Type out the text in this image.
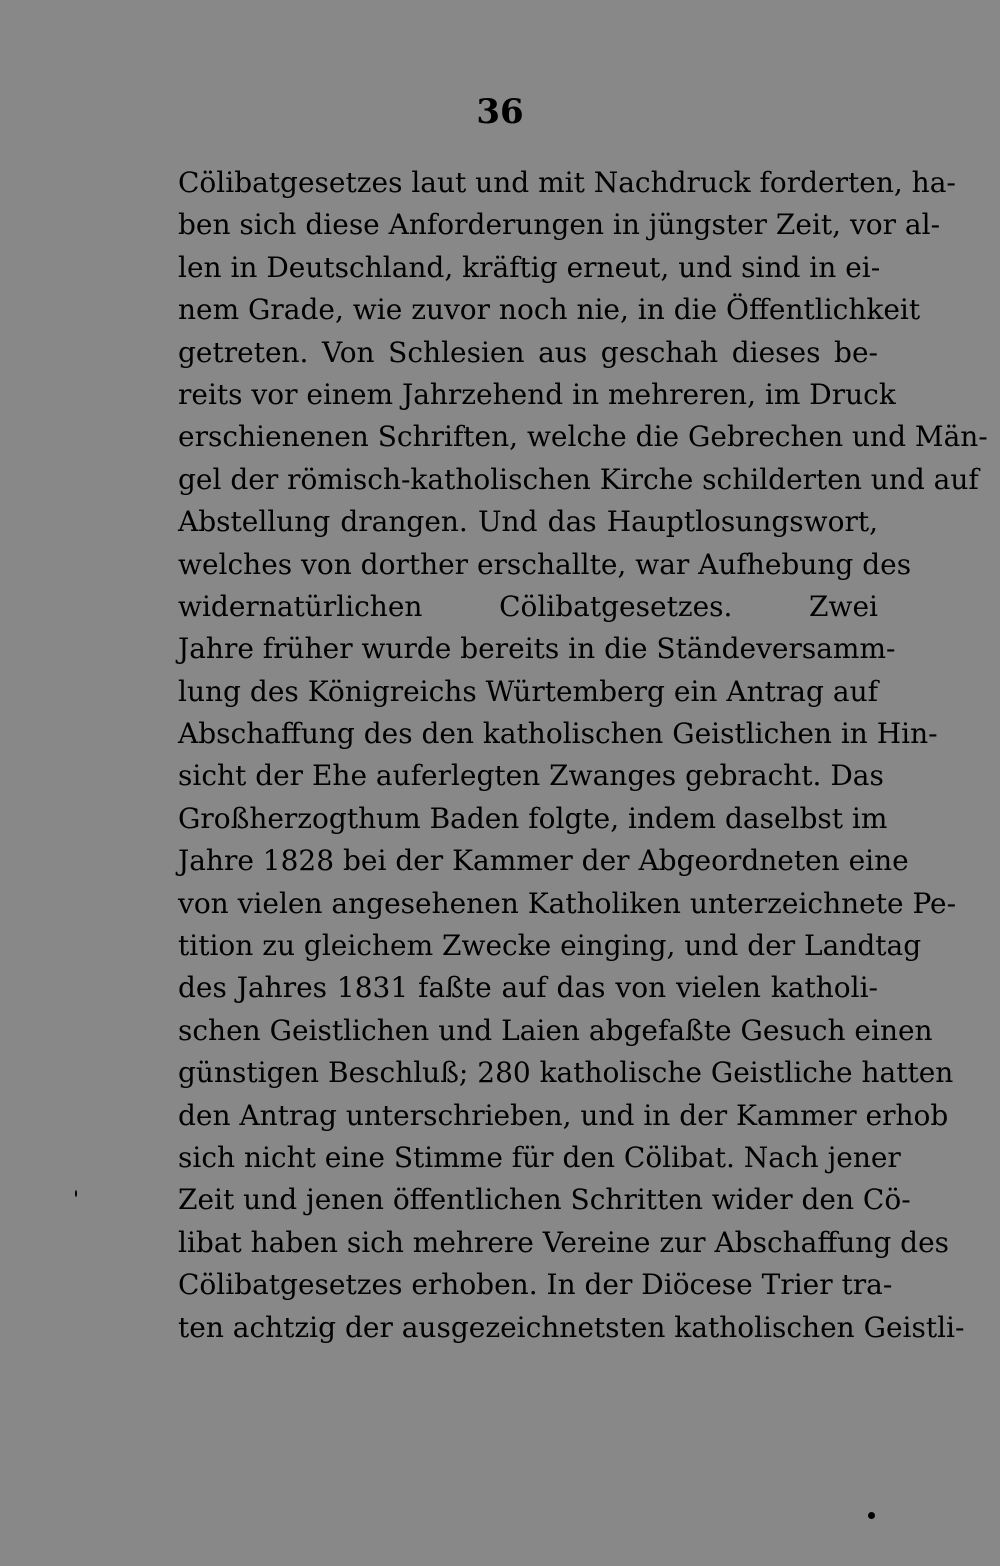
36
Cölibatgesetzes laut und mit Nachdruck forderten, ha-
ben sich diese Anforderungen in jüngster Zeit, vor al-
len in Deutschland, kräftig erneut, und sind in ei-
nem Grade, wie zuvor noch nie, in die Öffentlichkeit
getreten. Von Schlesien aus geschah dieses be-
reits vor einem Jahrzehend in mehreren, im Druck
erschienenen Schriften, welche die Gebrechen und Män-
gel der römisch-katholischen Kirche schilderten und auf
Abstellung drangen. Und das Hauptlosungswort,
welches von dorther erschallte, war Aufhebung des
widernatürlichen Cölibatgesetzes. Zwei
Jahre früher wurde bereits in die Ständeversamm-
lung des Königreichs Würtemberg ein Antrag auf
Abschaffung des den katholischen Geistlichen in Hin-
sicht der Ehe auferlegten Zwanges gebracht. Das
Großherzogthum Baden folgte, indem daselbst im
Jahre 1828 bei der Kammer der Abgeordneten eine
von vielen angesehenen Katholiken unterzeichnete Pe-
tition zu gleichem Zwecke einging, und der Landtag
des Jahres 1831 faßte auf das von vielen katholi-
schen Geistlichen und Laien abgefaßte Gesuch einen
günstigen Beschluß; 280 katholische Geistliche hatten
den Antrag unterschrieben, und in der Kammer erhob
sich nicht eine Stimme für den Cölibat. Nach jener
Zeit und jenen öffentlichen Schritten wider den Cö-
libat haben sich mehrere Vereine zur Abschaffung des
Cölibatgesetzes erhoben. In der Diöcese Trier tra-
ten achtzig der ausgezeichnetsten katholischen Geistli-
